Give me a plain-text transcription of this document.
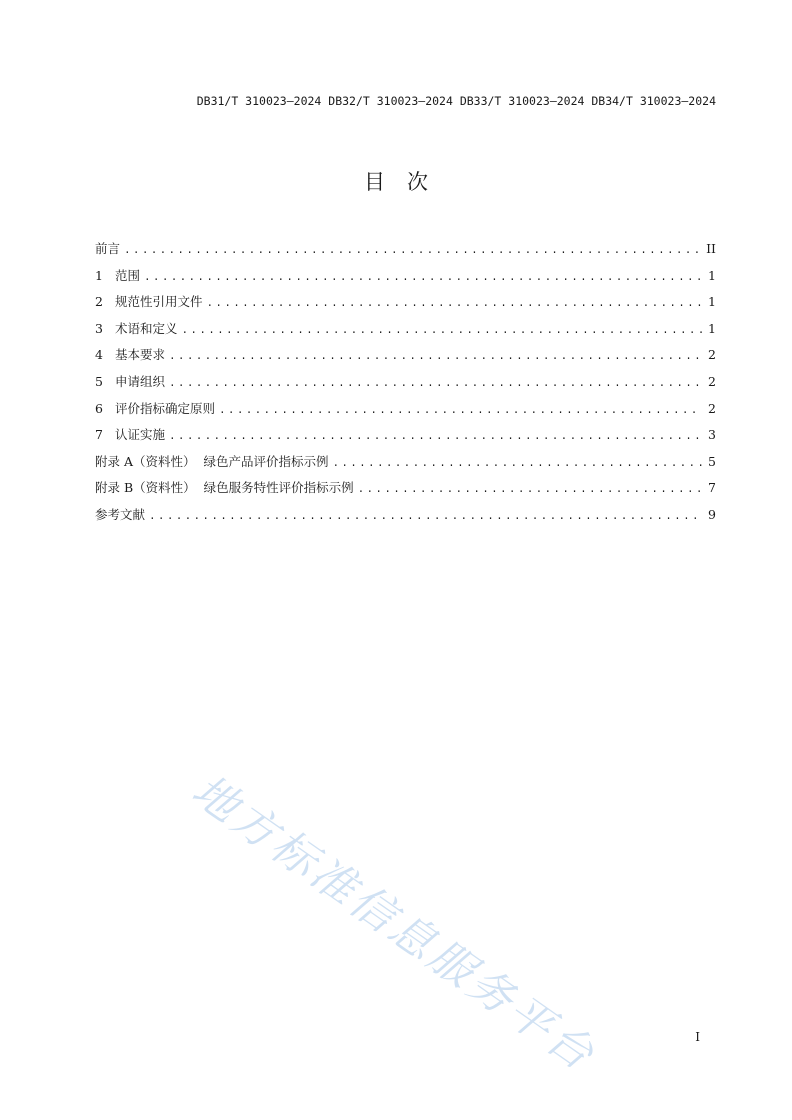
DB31/T 310023—2024 DB32/T 310023—2024 DB33/T 310023—2024 DB34/T 310023—2024
目次
前言 .....	II
1 范围 .....	1
2 规范性引用文件 .....	1
3 术语和定义 .....	1
4 基本要求 .....	2
5 申请组织 .....	2
6 评价指标确定原则 .....	2
7 认证实施 .....	3
附录 A（资料性）  绿色产品评价指标示例 .....	5
附录 B（资料性）  绿色服务特性评价指标示例 .....	7
参考文献 .....	9
地方标准信息服务平台	I
